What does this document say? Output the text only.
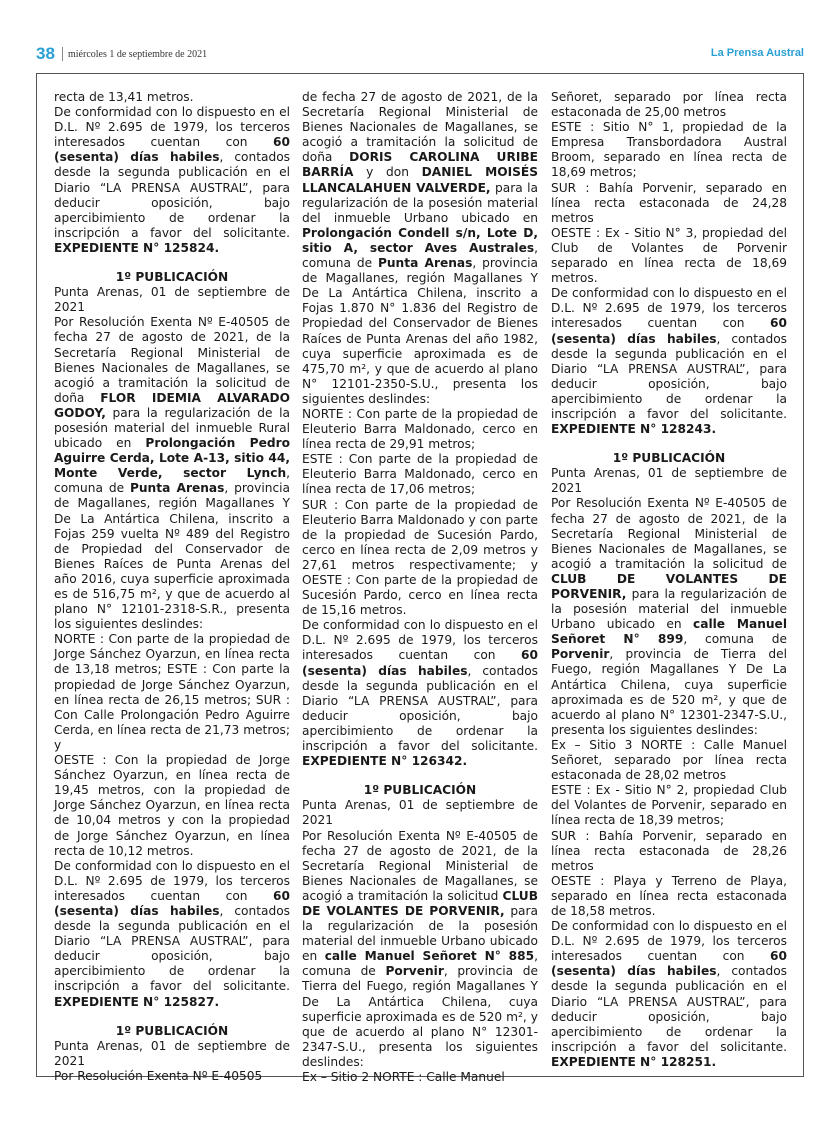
38 miércoles 1 de septiembre de 2021	La Prensa Austral

recta de 13,41 metros.

De conformidad con lo dispuesto en el D.L. Nº 2.695 de 1979, los terceros interesados cuentan con 60 (sesenta) días habiles, contados desde la segunda publicación en el Diario “LA PRENSA AUSTRAL”, para deducir oposición, bajo apercibimiento de ordenar la inscripción a favor del solicitante. EXPEDIENTE N° 125824.

1º PUBLICACIÓN

Punta Arenas, 01 de septiembre de 2021

Por Resolución Exenta Nº E-40505 de fecha 27 de agosto de 2021, de la Secretaría Regional Ministerial de Bienes Nacionales de Magallanes, se acogió a tramitación la solicitud de doña FLOR IDEMIA ALVARADO GODOY, para la regularización de la posesión material del inmueble Rural ubicado en Prolongación Pedro Aguirre Cerda, Lote A-13, sitio 44, Monte Verde, sector Lynch, comuna de Punta Arenas, provincia de Magallanes, región Magallanes Y De La Antártica Chilena, inscrito a Fojas 259 vuelta Nº 489 del Registro de Propiedad del Conservador de Bienes Raíces de Punta Arenas del año 2016, cuya superficie aproximada es de 516,75 m², y que de acuerdo al plano N° 12101-2318-S.R., presenta los siguientes deslindes:

NORTE : Con parte de la propiedad de Jorge Sánchez Oyarzun, en línea recta de 13,18 metros; ESTE : Con parte la propiedad de Jorge Sánchez Oyarzun, en línea recta de 26,15 metros; SUR : Con Calle Prolongación Pedro Aguirre Cerda, en línea recta de 21,73 metros; y

OESTE : Con la propiedad de Jorge Sánchez Oyarzun, en línea recta de 19,45 metros, con la propiedad de Jorge Sánchez Oyarzun, en línea recta de 10,04 metros y con la propiedad de Jorge Sánchez Oyarzun, en línea recta de 10,12 metros.

De conformidad con lo dispuesto en el D.L. Nº 2.695 de 1979, los terceros interesados cuentan con 60 (sesenta) días habiles, contados desde la segunda publicación en el Diario “LA PRENSA AUSTRAL”, para deducir oposición, bajo apercibimiento de ordenar la inscripción a favor del solicitante. EXPEDIENTE N° 125827.

1º PUBLICACIÓN

Punta Arenas, 01 de septiembre de 2021

Por Resolución Exenta Nº E-40505

de fecha 27 de agosto de 2021, de la Secretaría Regional Ministerial de Bienes Nacionales de Magallanes, se acogió a tramitación la solicitud de doña DORIS CAROLINA URIBE BARRÍA y don DANIEL MOISÉS LLANCALAHUEN VALVERDE, para la regularización de la posesión material del inmueble Urbano ubicado en Prolongación Condell s/n, Lote D, sitio A, sector Aves Australes, comuna de Punta Arenas, provincia de Magallanes, región Magallanes Y De La Antártica Chilena, inscrito a Fojas 1.870 N° 1.836 del Registro de Propiedad del Conservador de Bienes Raíces de Punta Arenas del año 1982, cuya superficie aproximada es de 475,70 m², y que de acuerdo al plano N° 12101-2350-S.U., presenta los siguientes deslindes:

NORTE : Con parte de la propiedad de Eleuterio Barra Maldonado, cerco en línea recta de 29,91 metros;

ESTE : Con parte de la propiedad de Eleuterio Barra Maldonado, cerco en línea recta de 17,06 metros;

SUR : Con parte de la propiedad de Eleuterio Barra Maldonado y con parte de la propiedad de Sucesión Pardo, cerco en línea recta de 2,09 metros y 27,61 metros respectivamente; y OESTE : Con parte de la propiedad de Sucesión Pardo, cerco en línea recta de 15,16 metros.

De conformidad con lo dispuesto en el D.L. Nº 2.695 de 1979, los terceros interesados cuentan con 60 (sesenta) días habiles, contados desde la segunda publicación en el Diario “LA PRENSA AUSTRAL”, para deducir oposición, bajo apercibimiento de ordenar la inscripción a favor del solicitante. EXPEDIENTE N° 126342.

1º PUBLICACIÓN

Punta Arenas, 01 de septiembre de 2021

Por Resolución Exenta Nº E-40505 de fecha 27 de agosto de 2021, de la Secretaría Regional Ministerial de Bienes Nacionales de Magallanes, se acogió a tramitación la solicitud CLUB DE VOLANTES DE PORVENIR, para la regularización de la posesión material del inmueble Urbano ubicado en calle Manuel Señoret N° 885, comuna de Porvenir, provincia de Tierra del Fuego, región Magallanes Y De La Antártica Chilena, cuya superficie aproximada es de 520 m², y que de acuerdo al plano N° 12301-2347-S.U., presenta los siguientes deslindes:

Ex – Sitio 2 NORTE : Calle Manuel

Señoret, separado por línea recta estaconada de 25,00 metros

ESTE : Sitio N° 1, propiedad de la Empresa Transbordadora Austral Broom, separado en línea recta de 18,69 metros;

SUR : Bahía Porvenir, separado en línea recta estaconada de 24,28 metros

OESTE : Ex - Sitio N° 3, propiedad del Club de Volantes de Porvenir separado en línea recta de 18,69 metros.

De conformidad con lo dispuesto en el D.L. Nº 2.695 de 1979, los terceros interesados cuentan con 60 (sesenta) días habiles, contados desde la segunda publicación en el Diario “LA PRENSA AUSTRAL”, para deducir oposición, bajo apercibimiento de ordenar la inscripción a favor del solicitante. EXPEDIENTE N° 128243.

1º PUBLICACIÓN

Punta Arenas, 01 de septiembre de 2021

Por Resolución Exenta Nº E-40505 de fecha 27 de agosto de 2021, de la Secretaría Regional Ministerial de Bienes Nacionales de Magallanes, se acogió a tramitación la solicitud de CLUB DE VOLANTES DE PORVENIR, para la regularización de la posesión material del inmueble Urbano ubicado en calle Manuel Señoret N° 899, comuna de Porvenir, provincia de Tierra del Fuego, región Magallanes Y De La Antártica Chilena, cuya superficie aproximada es de 520 m², y que de acuerdo al plano N° 12301-2347-S.U., presenta los siguientes deslindes:

Ex – Sitio 3 NORTE : Calle Manuel Señoret, separado por línea recta estaconada de 28,02 metros

ESTE : Ex - Sitio N° 2, propiedad Club del Volantes de Porvenir, separado en línea recta de 18,39 metros;

SUR : Bahía Porvenir, separado en línea recta estaconada de 28,26 metros

OESTE : Playa y Terreno de Playa, separado en línea recta estaconada de 18,58 metros.

De conformidad con lo dispuesto en el D.L. Nº 2.695 de 1979, los terceros interesados cuentan con 60 (sesenta) días habiles, contados desde la segunda publicación en el Diario “LA PRENSA AUSTRAL”, para deducir oposición, bajo apercibimiento de ordenar la inscripción a favor del solicitante. EXPEDIENTE N° 128251.
